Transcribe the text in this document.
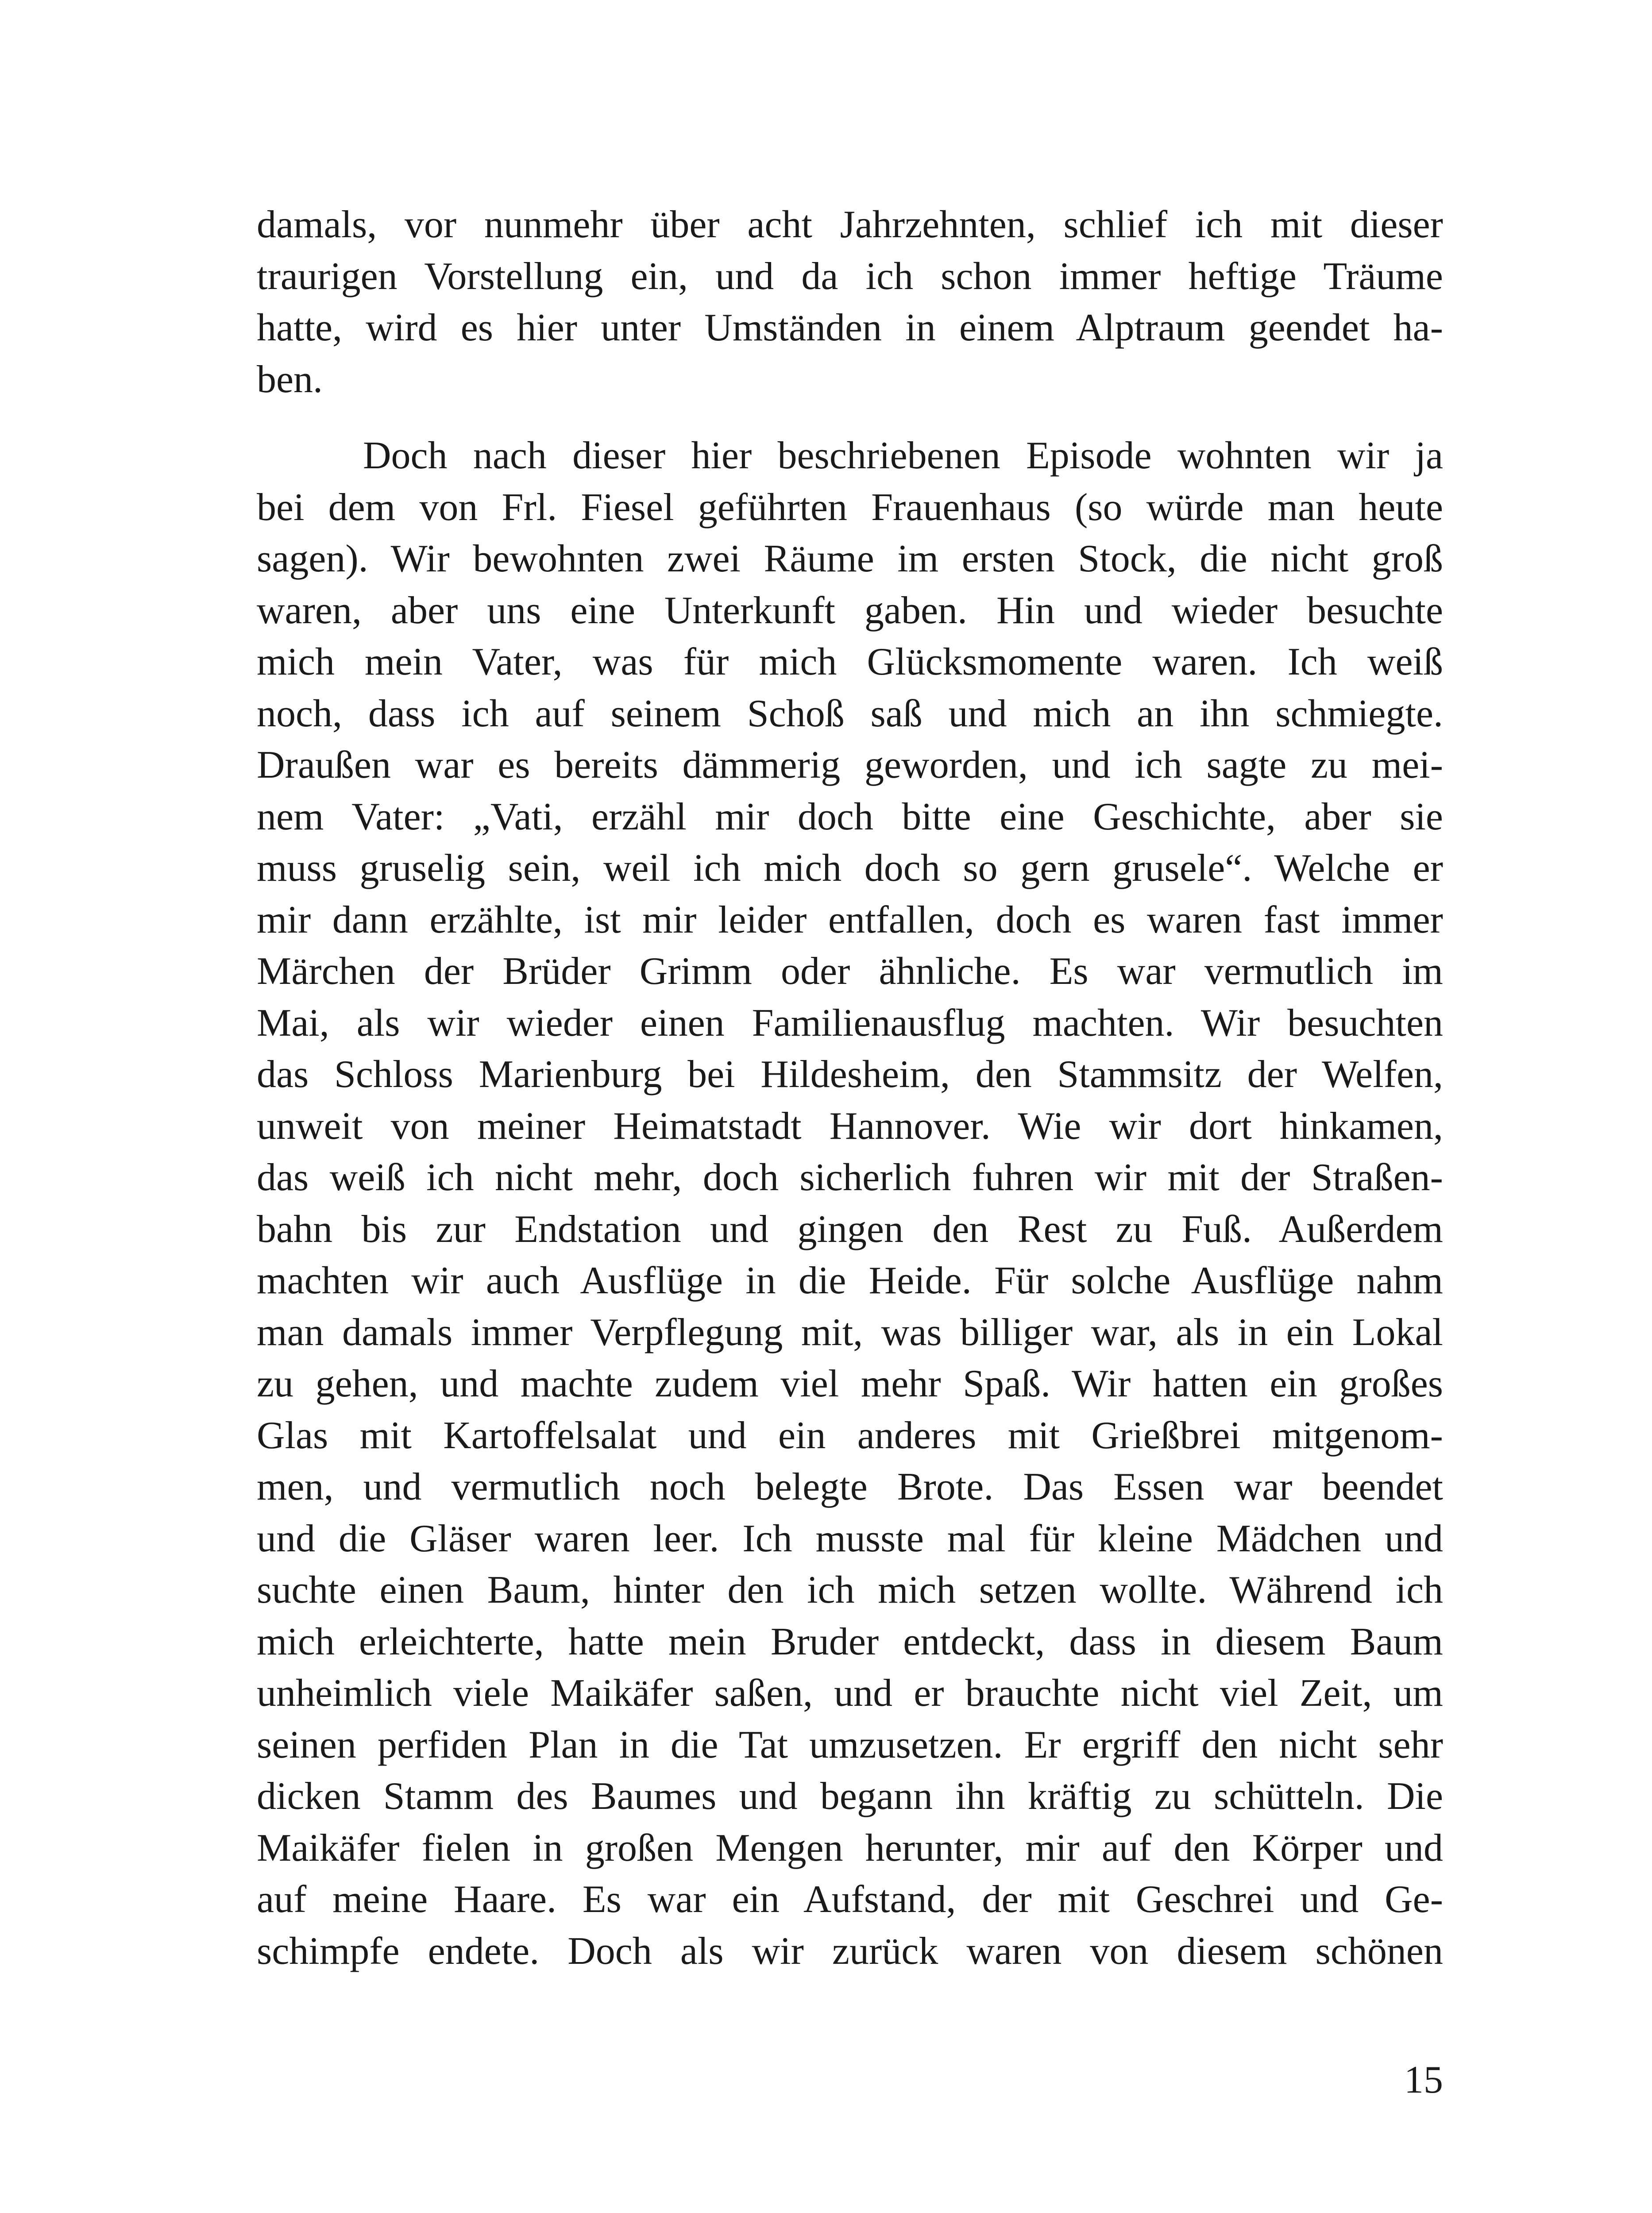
damals, vor nunmehr über acht Jahrzehnten, schlief ich mit dieser
traurigen Vorstellung ein, und da ich schon immer heftige Träume
hatte, wird es hier unter Umständen in einem Alptraum geendet ha-
ben.
Doch nach dieser hier beschriebenen Episode wohnten wir ja
bei dem von Frl. Fiesel geführten Frauenhaus (so würde man heute
sagen). Wir bewohnten zwei Räume im ersten Stock, die nicht groß
waren, aber uns eine Unterkunft gaben. Hin und wieder besuchte
mich mein Vater, was für mich Glücksmomente waren. Ich weiß
noch, dass ich auf seinem Schoß saß und mich an ihn schmiegte.
Draußen war es bereits dämmerig geworden, und ich sagte zu mei-
nem Vater: „Vati, erzähl mir doch bitte eine Geschichte, aber sie
muss gruselig sein, weil ich mich doch so gern grusele“. Welche er
mir dann erzählte, ist mir leider entfallen, doch es waren fast immer
Märchen der Brüder Grimm oder ähnliche. Es war vermutlich im
Mai, als wir wieder einen Familienausflug machten. Wir besuchten
das Schloss Marienburg bei Hildesheim, den Stammsitz der Welfen,
unweit von meiner Heimatstadt Hannover. Wie wir dort hinkamen,
das weiß ich nicht mehr, doch sicherlich fuhren wir mit der Straßen-
bahn bis zur Endstation und gingen den Rest zu Fuß. Außerdem
machten wir auch Ausflüge in die Heide. Für solche Ausflüge nahm
man damals immer Verpflegung mit, was billiger war, als in ein Lokal
zu gehen, und machte zudem viel mehr Spaß. Wir hatten ein großes
Glas mit Kartoffelsalat und ein anderes mit Grießbrei mitgenom-
men, und vermutlich noch belegte Brote. Das Essen war beendet
und die Gläser waren leer. Ich musste mal für kleine Mädchen und
suchte einen Baum, hinter den ich mich setzen wollte. Während ich
mich erleichterte, hatte mein Bruder entdeckt, dass in diesem Baum
unheimlich viele Maikäfer saßen, und er brauchte nicht viel Zeit, um
seinen perfiden Plan in die Tat umzusetzen. Er ergriff den nicht sehr
dicken Stamm des Baumes und begann ihn kräftig zu schütteln. Die
Maikäfer fielen in großen Mengen herunter, mir auf den Körper und
auf meine Haare. Es war ein Aufstand, der mit Geschrei und Ge-
schimpfe endete. Doch als wir zurück waren von diesem schönen
15
